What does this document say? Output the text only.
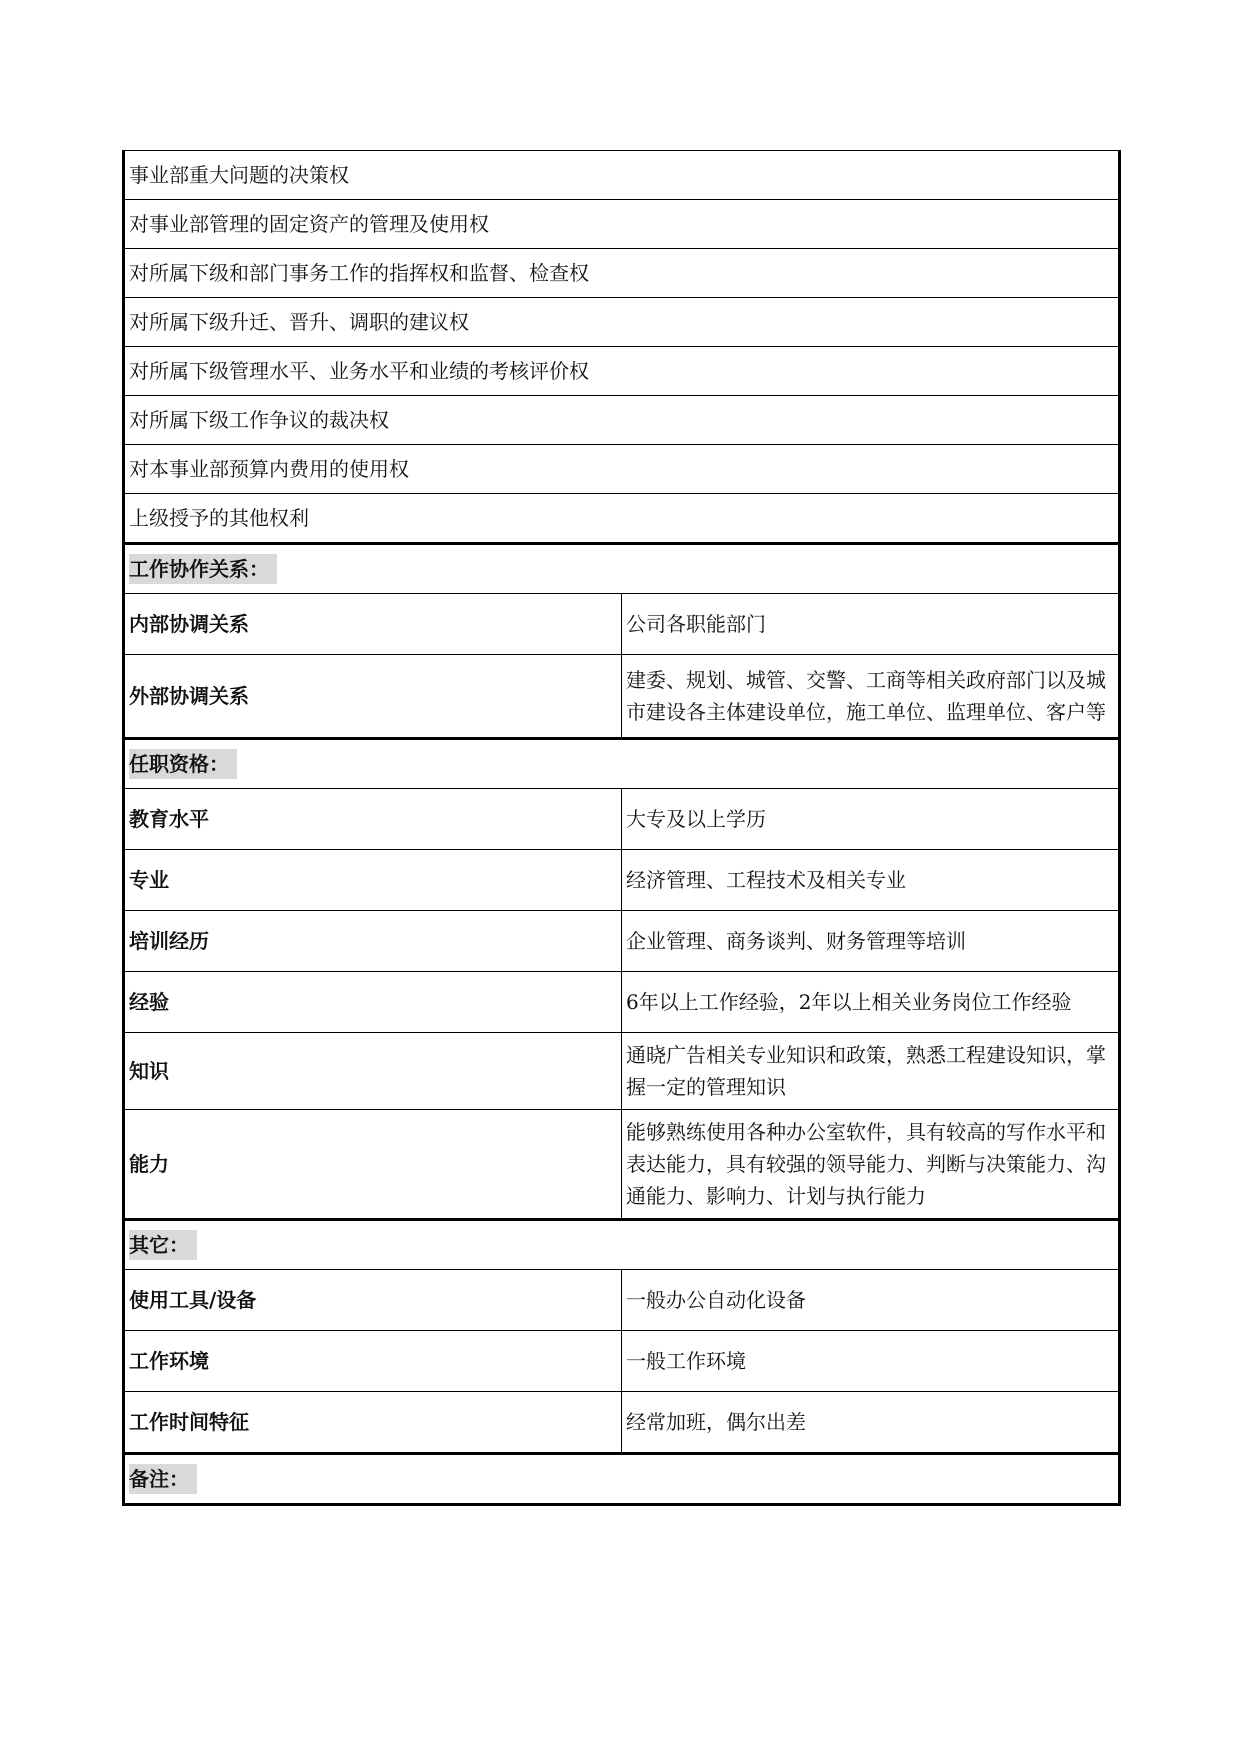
事业部重大问题的决策权	
对事业部管理的固定资产的管理及使用权	
对所属下级和部门事务工作的指挥权和监督、检查权	
对所属下级升迁、晋升、调职的建议权	
对所属下级管理水平、业务水平和业绩的考核评价权	
对所属下级工作争议的裁决权	
对本事业部预算内费用的使用权	
上级授予的其他权利	
工作协作关系：	
内部协调关系	公司各职能部门
外部协调关系	建委、规划、城管、交警、工商等相关政府部门以及城市建设各主体建设单位，施工单位、监理单位、客户等
任职资格：	
教育水平	大专及以上学历
专业	经济管理、工程技术及相关专业
培训经历	企业管理、商务谈判、财务管理等培训
经验	6年以上工作经验，2年以上相关业务岗位工作经验
知识	通晓广告相关专业知识和政策，熟悉工程建设知识，掌握一定的管理知识
能力	能够熟练使用各种办公室软件，具有较高的写作水平和表达能力，具有较强的领导能力、判断与决策能力、沟通能力、影响力、计划与执行能力
其它：	
使用工具/设备	一般办公自动化设备
工作环境	一般工作环境
工作时间特征	经常加班，偶尔出差
备注：	
